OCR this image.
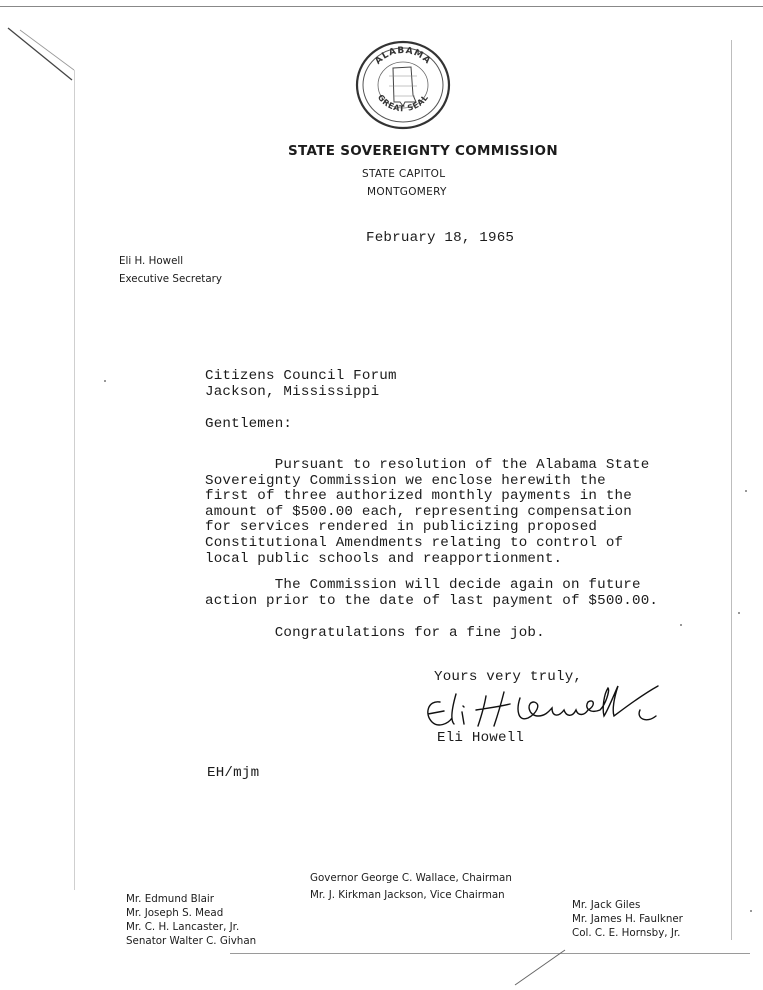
ALABAMA
GREAT SEAL
STATE SOVEREIGNTY COMMISSION
STATE CAPITOL
MONTGOMERY
February 18, 1965
Eli H. Howell
Executive Secretary
Citizens Council Forum
Jackson, Mississippi
Gentlemen:

Pursuant to resolution of the Alabama State

Sovereignty Commission we enclose herewith the

first of three authorized monthly payments in the

amount of $500.00 each, representing compensation

for services rendered in publicizing proposed

Constitutional Amendments relating to control of

local public schools and reapportionment.

The Commission will decide again on future

action prior to the date of last payment of $500.00.

Congratulations for a fine job.

Yours very truly,
Eli H Howell Eli Howell
EH/mjm
Governor George C. Wallace, Chairman
Mr. J. Kirkman Jackson, Vice Chairman
Mr. Edmund Blair
Mr. Joseph S. Mead
Mr. C. H. Lancaster, Jr.
Senator Walter C. Givhan
Mr. Jack Giles
Mr. James H. Faulkner
Col. C. E. Hornsby, Jr.
